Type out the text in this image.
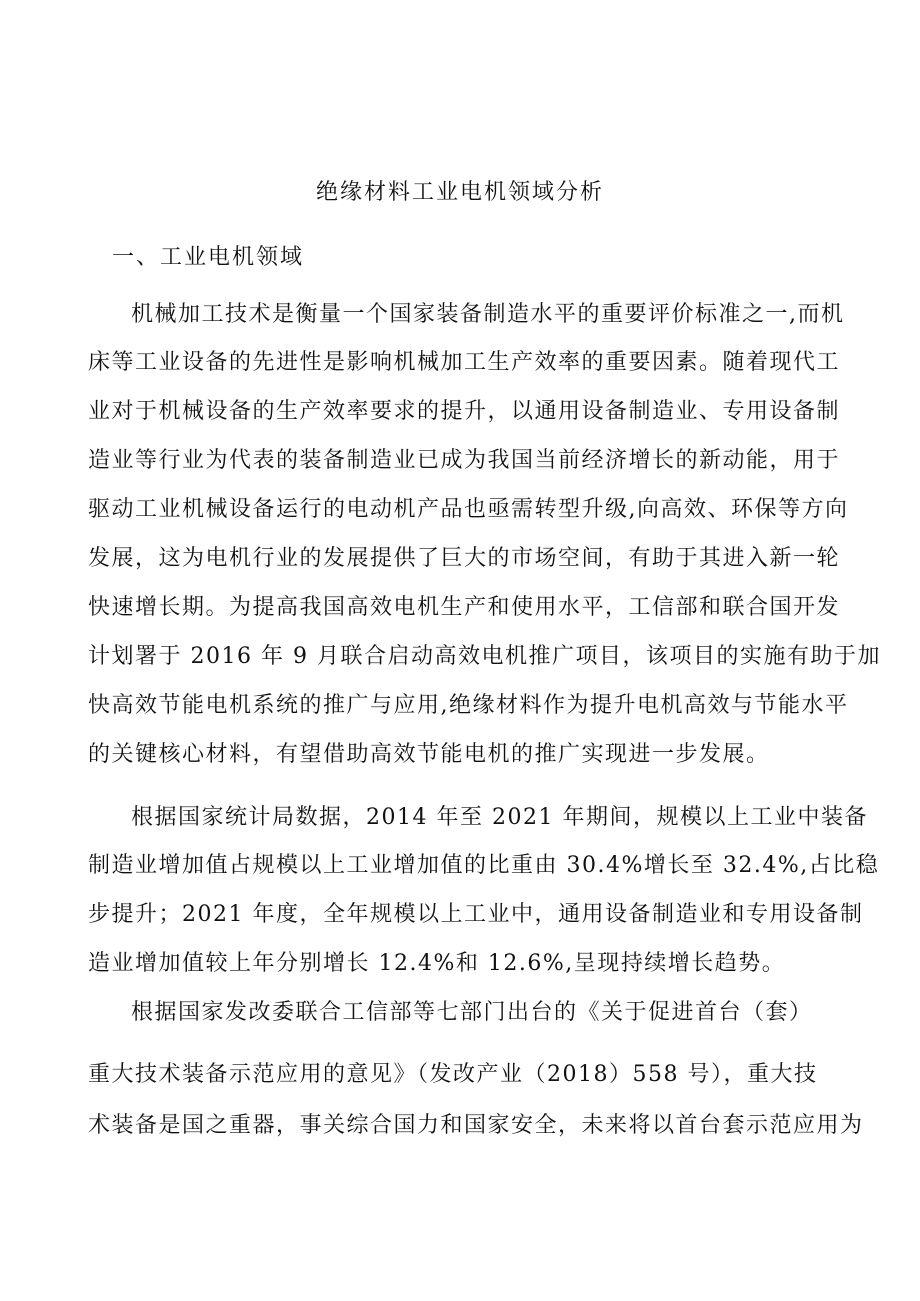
绝缘材料工业电机领域分析
一、工业电机领域
机械加工技术是衡量一个国家装备制造水平的重要评价标准之一,而机
床等工业设备的先进性是影响机械加工生产效率的重要因素。随着现代工
业对于机械设备的生产效率要求的提升，以通用设备制造业、专用设备制
造业等行业为代表的装备制造业已成为我国当前经济增长的新动能，用于
驱动工业机械设备运行的电动机产品也亟需转型升级,向高效、环保等方向
发展，这为电机行业的发展提供了巨大的市场空间，有助于其进入新一轮
快速增长期。为提高我国高效电机生产和使用水平，工信部和联合国开发
计划署于 2016 年 9 月联合启动高效电机推广项目，该项目的实施有助于加
快高效节能电机系统的推广与应用,绝缘材料作为提升电机高效与节能水平
的关键核心材料，有望借助高效节能电机的推广实现进一步发展。
根据国家统计局数据，2014 年至 2021 年期间，规模以上工业中装备
制造业增加值占规模以上工业增加值的比重由 30.4%增长至 32.4%,占比稳
步提升；2021 年度，全年规模以上工业中，通用设备制造业和专用设备制
造业增加值较上年分别增长 12.4%和 12.6%,呈现持续增长趋势。
根据国家发改委联合工信部等七部门出台的《关于促进首台（套）
重大技术装备示范应用的意见》（发改产业（2018）558 号），重大技
术装备是国之重器，事关综合国力和国家安全，未来将以首台套示范应用为
